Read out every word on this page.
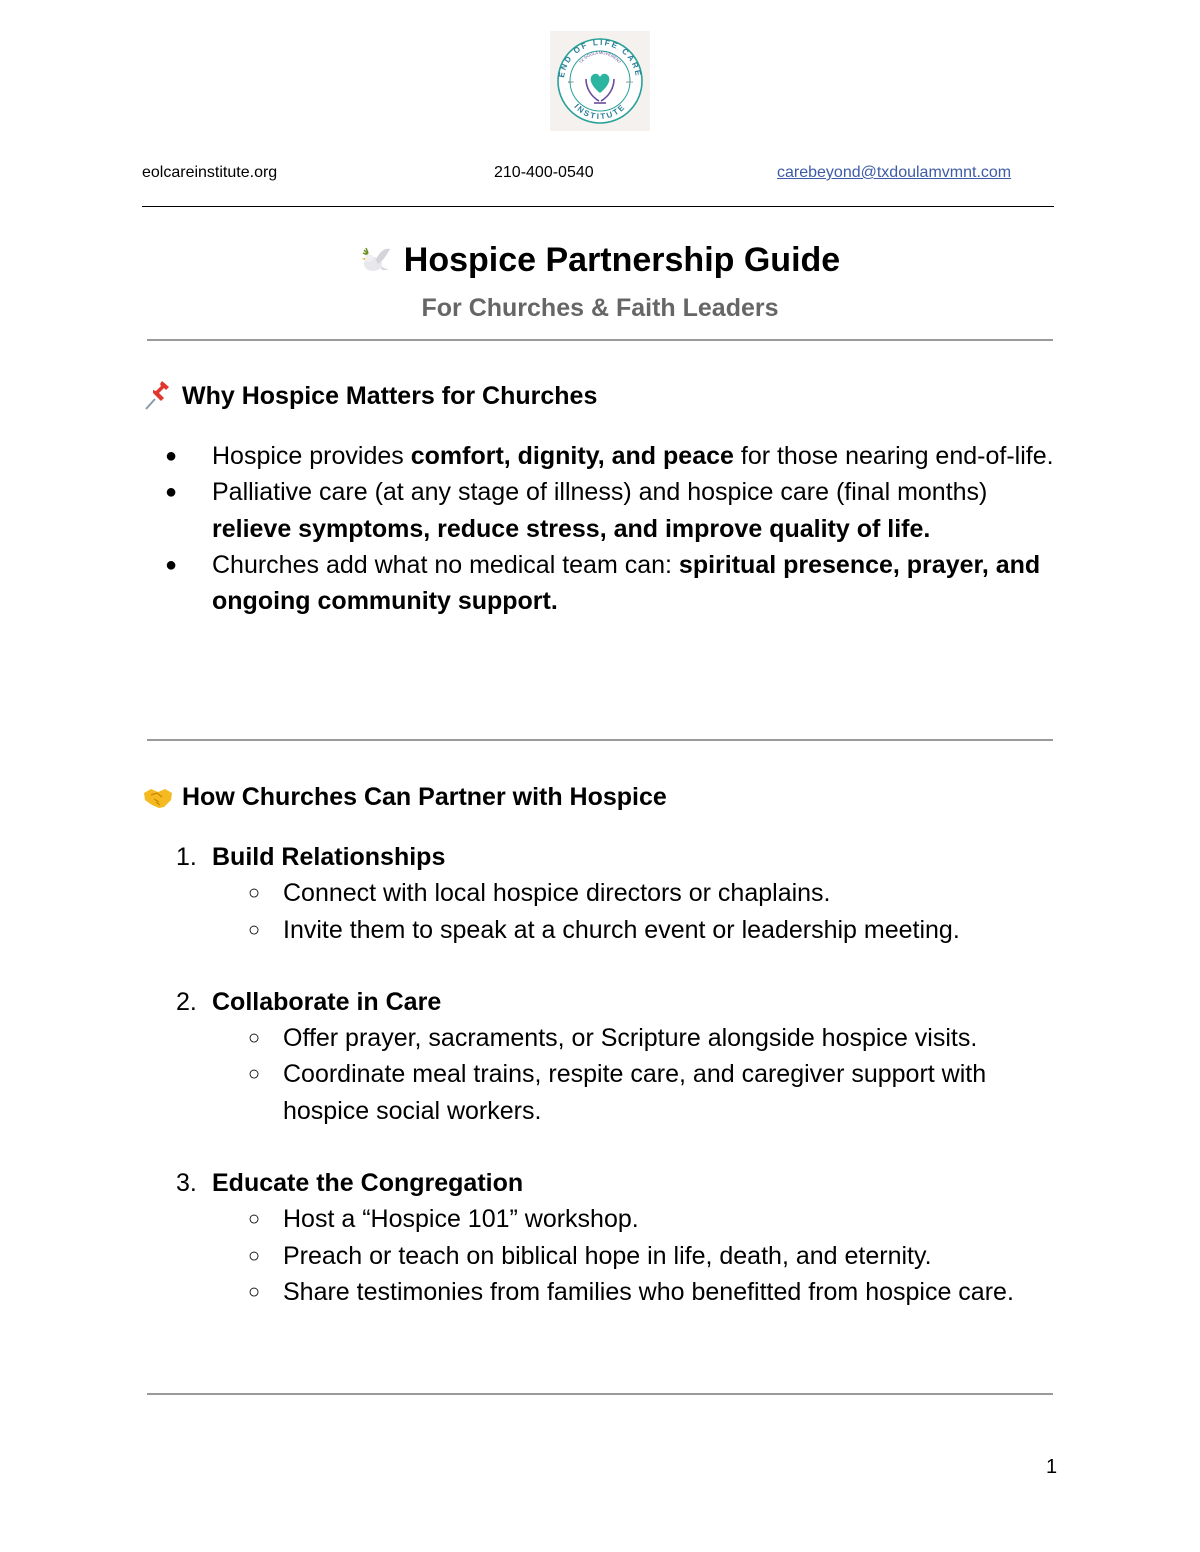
END OF LIFE CARE
INSTITUTE
TX DOULA MOVEMENT
EST.	2024
eolcareinstitute.org	210-400-0540	carebeyond@txdoulamvmnt.com
Hospice Partnership Guide
For Churches & Faith Leaders
Why Hospice Matters for Churches
● Hospice provides comfort, dignity, and peace for those nearing end-of-life.
● Palliative care (at any stage of illness) and hospice care (final months) relieve symptoms, reduce stress, and improve quality of life.
● Churches add what no medical team can: spiritual presence, prayer, and ongoing community support.
How Churches Can Partner with Hospice
1. Build Relationships
○ Connect with local hospice directors or chaplains.
○ Invite them to speak at a church event or leadership meeting.
2. Collaborate in Care
○ Offer prayer, sacraments, or Scripture alongside hospice visits.
○ Coordinate meal trains, respite care, and caregiver support with hospice social workers.
3. Educate the Congregation
○ Host a “Hospice 101” workshop.
○ Preach or teach on biblical hope in life, death, and eternity.
○ Share testimonies from families who benefitted from hospice care.
1
